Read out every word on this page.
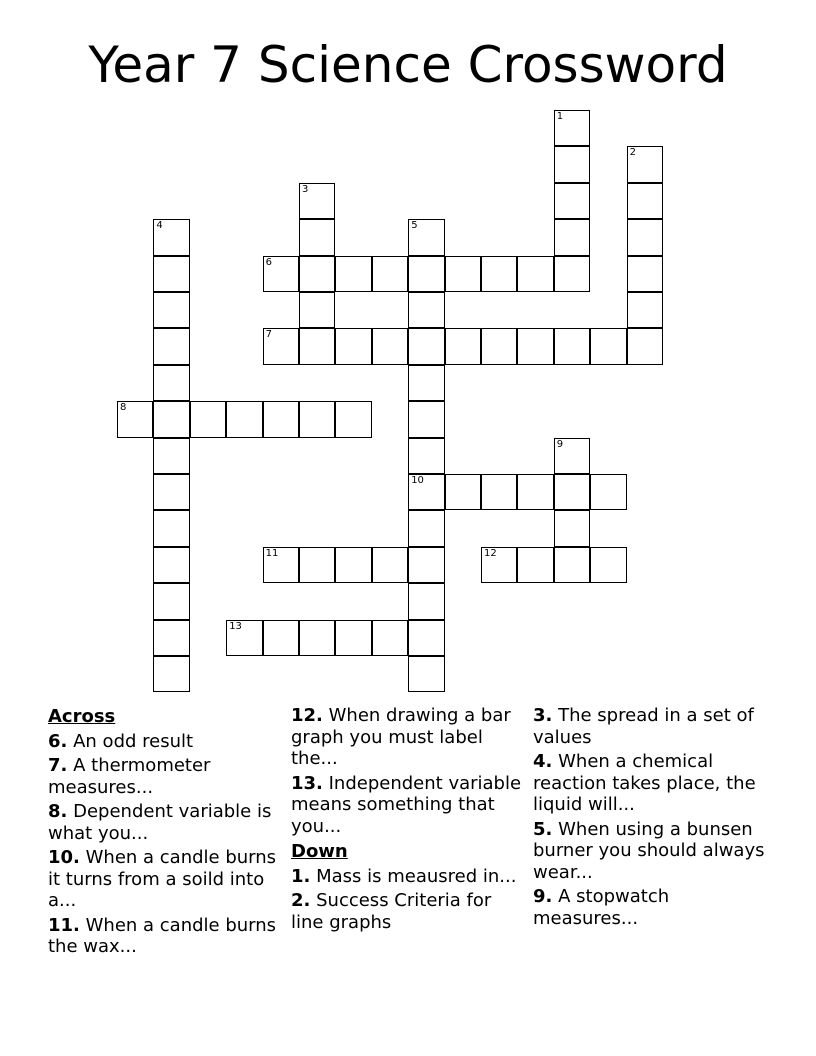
Year 7 Science Crossword
1
2
3
4	5
10
6
7
8
9
11	12
13
Across
6. An odd result
7. A thermometer measures...
8. Dependent variable is what you...
10. When a candle burns it turns from a soild into a...
11. When a candle burns the wax...
12. When drawing a bar graph you must label the...
13. Independent variable means something that you...
Down
1. Mass is meausred in...
2. Success Criteria for line graphs
3. The spread in a set of values
4. When a chemical reaction takes place, the liquid will...
5. When using a bunsen burner you should always wear...
9. A stopwatch measures...
